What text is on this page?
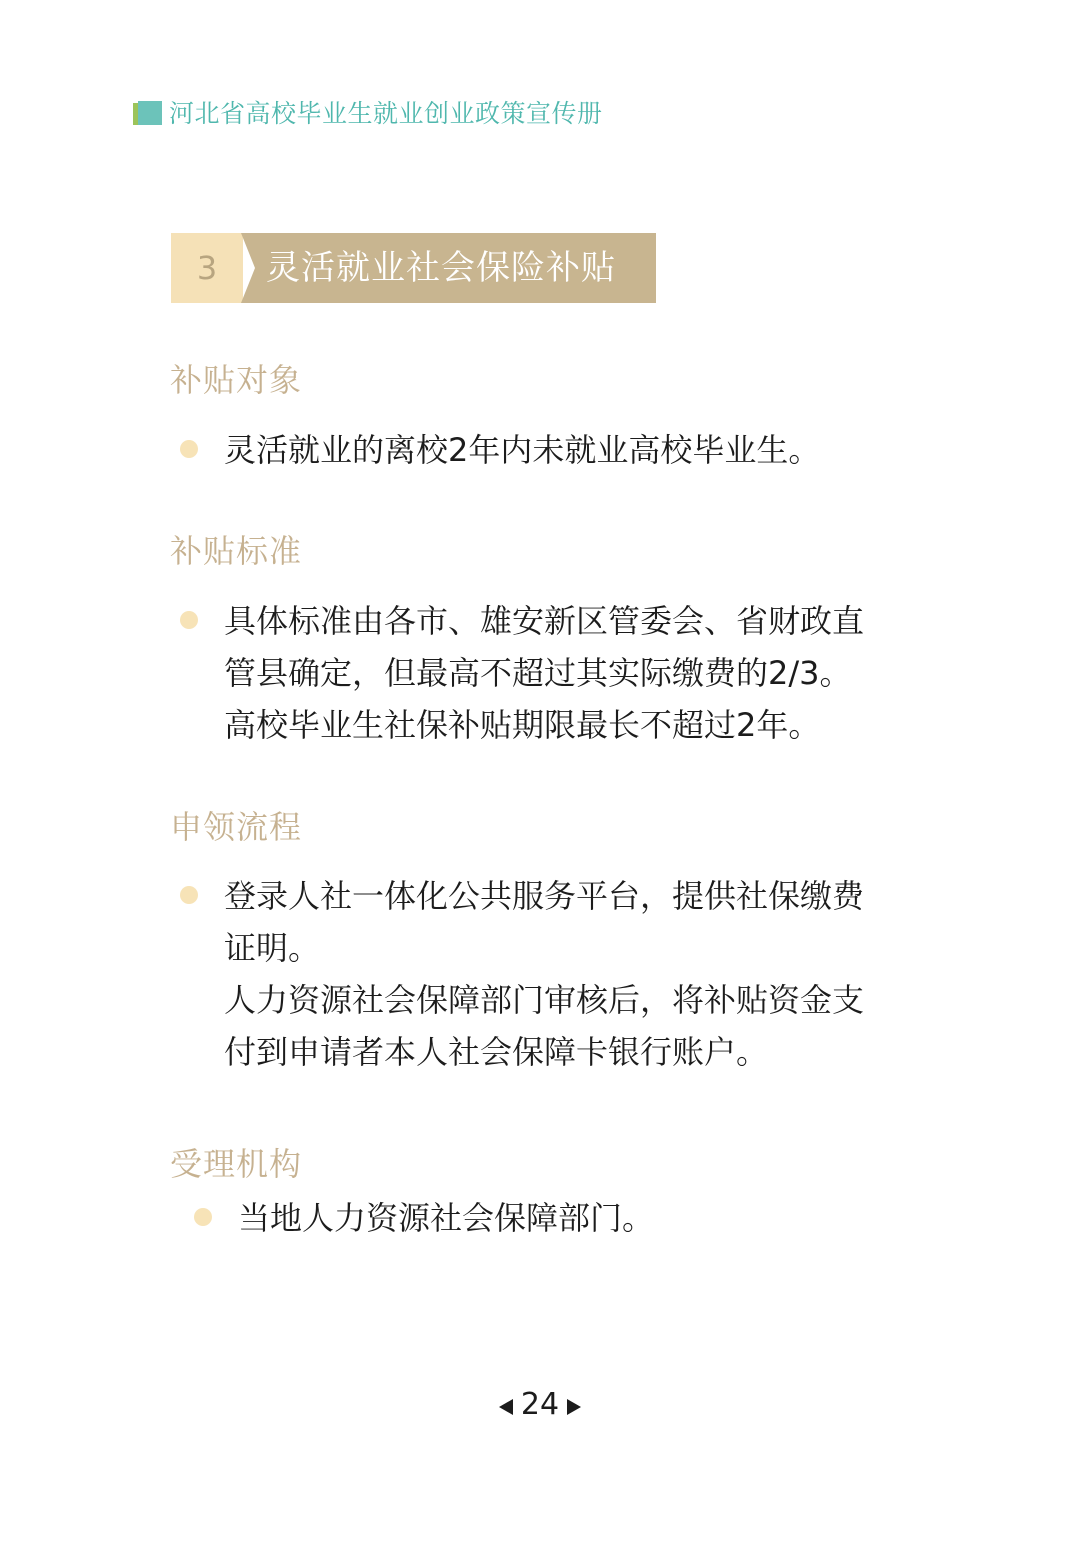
河北省高校毕业生就业创业政策宣传册
3	灵活就业社会保险补贴
补贴对象
灵活就业的离校2年内未就业高校毕业生。
补贴标准
具体标准由各市、雄安新区管委会、省财政直
管县确定，但最高不超过其实际缴费的2/3。
高校毕业生社保补贴期限最长不超过2年。
申领流程
登录人社一体化公共服务平台，提供社保缴费
证明。
人力资源社会保障部门审核后，将补贴资金支
付到申请者本人社会保障卡银行账户。
受理机构
当地人力资源社会保障部门。
24
